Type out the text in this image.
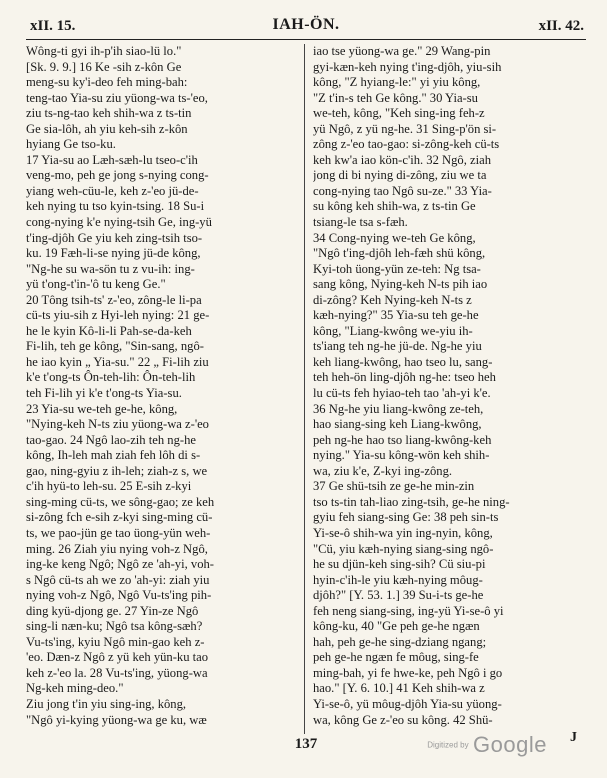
xII. 15.	IAH-ÖN.	xII. 42.
Wông-ti gyi ih-p'ih siao-lü lo."
[Sk. 9. 9.] 16 Ke -sih z-kôn Ge
meng-su ky'i-deo feh ming-bah:
teng-tao Yia-su ziu yüong-wa ts-'eo,
ziu ts-ng-tao keh shih-wa z ts-tin
Ge sia-lôh, ah yiu keh-sih z-kôn
hyiang Ge tso-ku.
17 Yia-su ao Læh-sæh-lu tseo-c'ih
veng-mo, peh ge jong s-nying cong-
yiang weh-cüu-le, keh z-'eo jü-de-
keh nying tu tso kyin-tsing. 18 Su-i
cong-nying k'e nying-tsih Ge, ing-yü
t'ing-djôh Ge yiu keh zing-tsih tso-
ku. 19 Fæh-li-se nying jü-de kông,
"Ng-he su wa-sön tu z vu-ih: ing-
yü t'ong-t'in-'ô tu keng Ge."
20 Tông tsih-ts' z-'eo, zông-le li-pa
cü-ts yiu-sih z Hyi-leh nying: 21 ge-
he le kyin Kô-li-li Pah-se-da-keh
Fi-lih, teh ge kông, "Sin-sang, ngô-
he iao kyin „ Yia-su." 22 „ Fi-lih ziu
k'e t'ong-ts Ôn-teh-lih: Ôn-teh-lih
teh Fi-lih yi k'e t'ong-ts Yia-su.
23 Yia-su we-teh ge-he, kông,
"Nying-keh N-ts ziu yüong-wa z-'eo
tao-gao. 24 Ngô lao-zih teh ng-he
kông, Ih-leh mah ziah feh lôh di s-
gao, ning-gyiu z ih-leh; ziah-z s, we
c'ih hyü-to leh-su. 25 E-sih z-kyi
sing-ming cü-ts, we sông-gao; ze keh
si-zông fch e-sih z-kyi sing-ming cü-
ts, we pao-jün ge tao üong-yün weh-
ming. 26 Ziah yiu nying voh-z Ngô,
ing-ke keng Ngô; Ngô ze 'ah-yi, voh-
s Ngô cü-ts ah we zo 'ah-yi: ziah yiu
nying voh-z Ngô, Ngô Vu-ts'ing pih-
ding kyü-djong ge. 27 Yin-ze Ngô
sing-li næn-ku; Ngô tsa kông-sæh?
Vu-ts'ing, kyiu Ngô min-gao keh z-
'eo. Dæn-z Ngô z yü keh yün-ku tao
keh z-'eo la. 28 Vu-ts'ing, yüong-wa
Ng-keh ming-deo."
Ziu jong t'in yiu sing-ing, kông,
"Ngô yi-kying yüong-wa ge ku, wæ
iao tse yüong-wa ge." 29 Wang-pin
gyi-kæn-keh nying t'ing-djôh, yiu-sih
kông, "Z hyiang-le:" yi yiu kông,
"Z t'in-s teh Ge kông." 30 Yia-su
we-teh, kông, "Keh sing-ing feh-z
yü Ngô, z yü ng-he. 31 Sing-p'ön si-
zông z-'eo tao-gao: si-zông-keh cü-ts
keh kw'a iao kön-c'ih. 32 Ngô, ziah
jong di bi nying di-zông, ziu we ta
cong-nying tao Ngô su-ze." 33 Yia-
su kông keh shih-wa, z ts-tin Ge
tsiang-le tsa s-fæh.
34 Cong-nying we-teh Ge kông,
"Ngô t'ing-djôh leh-fæh shü kông,
Kyi-toh üong-yün ze-teh: Ng tsa-
sang kông, Nying-keh N-ts pih iao
di-zông? Keh Nying-keh N-ts z
kæh-nying?" 35 Yia-su teh ge-he
kông, "Liang-kwông we-yiu ih-
ts'iang teh ng-he jü-de. Ng-he yiu
keh liang-kwông, hao tseo lu, sang-
teh heh-ön ling-djôh ng-he: tseo heh
lu cü-ts feh hyiao-teh tao 'ah-yi k'e.
36 Ng-he yiu liang-kwông ze-teh,
hao siang-sing keh Liang-kwông,
peh ng-he hao tso liang-kwông-keh
nying." Yia-su kông-wön keh shih-
wa, ziu k'e, Z-kyi ing-zông.
37 Ge shü-tsih ze ge-he min-zin
tso ts-tin tah-liao zing-tsih, ge-he ning-
gyiu feh siang-sing Ge: 38 peh sin-ts
Yi-se-ô shih-wa yin ing-nyin, kông,
"Cü, yiu kæh-nying siang-sing ngô-
he su djün-keh sing-sih? Cü siu-pi
hyin-c'ih-le yiu kæh-nying môug-
djôh?" [Y. 53. 1.] 39 Su-i-ts ge-he
feh neng siang-sing, ing-yü Yi-se-ô yi
kông-ku, 40 "Ge peh ge-he ngæn
hah, peh ge-he sing-dziang ngang;
peh ge-he ngæn fe môug, sing-fe
ming-bah, yi fe hwe-ke, peh Ngô i go
hao." [Y. 6. 10.] 41 Keh shih-wa z
Yi-se-ô, yü môug-djôh Yia-su yüong-
wa, kông Ge z-'eo su kông. 42 Shü-
137	Digitized by Google J
